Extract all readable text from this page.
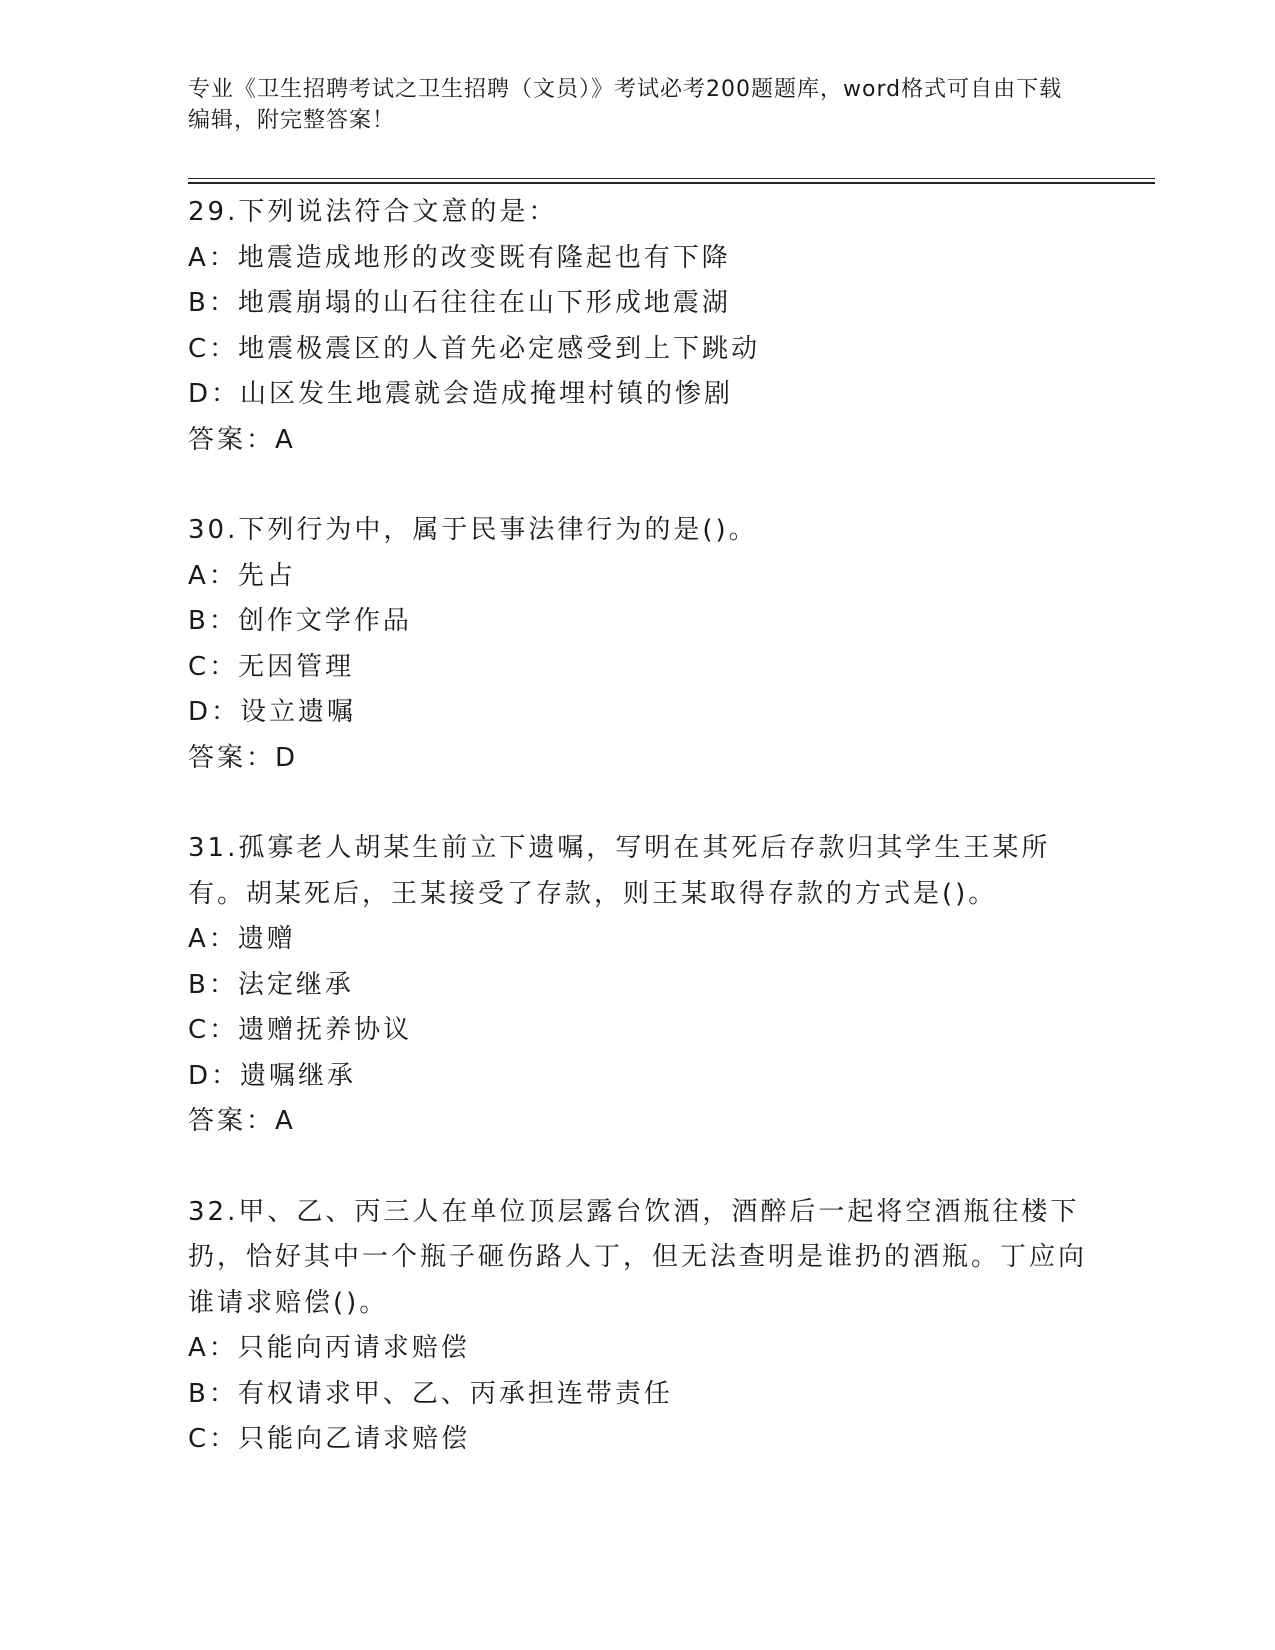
专业《卫生招聘考试之卫生招聘（文员）》考试必考200题题库，word格式可自由下载编辑，附完整答案！
29.下列说法符合文意的是：
A：地震造成地形的改变既有隆起也有下降
B：地震崩塌的山石往往在山下形成地震湖
C：地震极震区的人首先必定感受到上下跳动
D：山区发生地震就会造成掩埋村镇的惨剧
答案：A
30.下列行为中，属于民事法律行为的是()。
A：先占
B：创作文学作品
C：无因管理
D：设立遗嘱
答案：D
31.孤寡老人胡某生前立下遗嘱，写明在其死后存款归其学生王某所有。胡某死后，王某接受了存款，则王某取得存款的方式是()。
A：遗赠
B：法定继承
C：遗赠抚养协议
D：遗嘱继承
答案：A
32.甲、乙、丙三人在单位顶层露台饮酒，酒醉后一起将空酒瓶往楼下扔，恰好其中一个瓶子砸伤路人丁，但无法查明是谁扔的酒瓶。丁应向谁请求赔偿()。
A：只能向丙请求赔偿
B：有权请求甲、乙、丙承担连带责任
C：只能向乙请求赔偿
